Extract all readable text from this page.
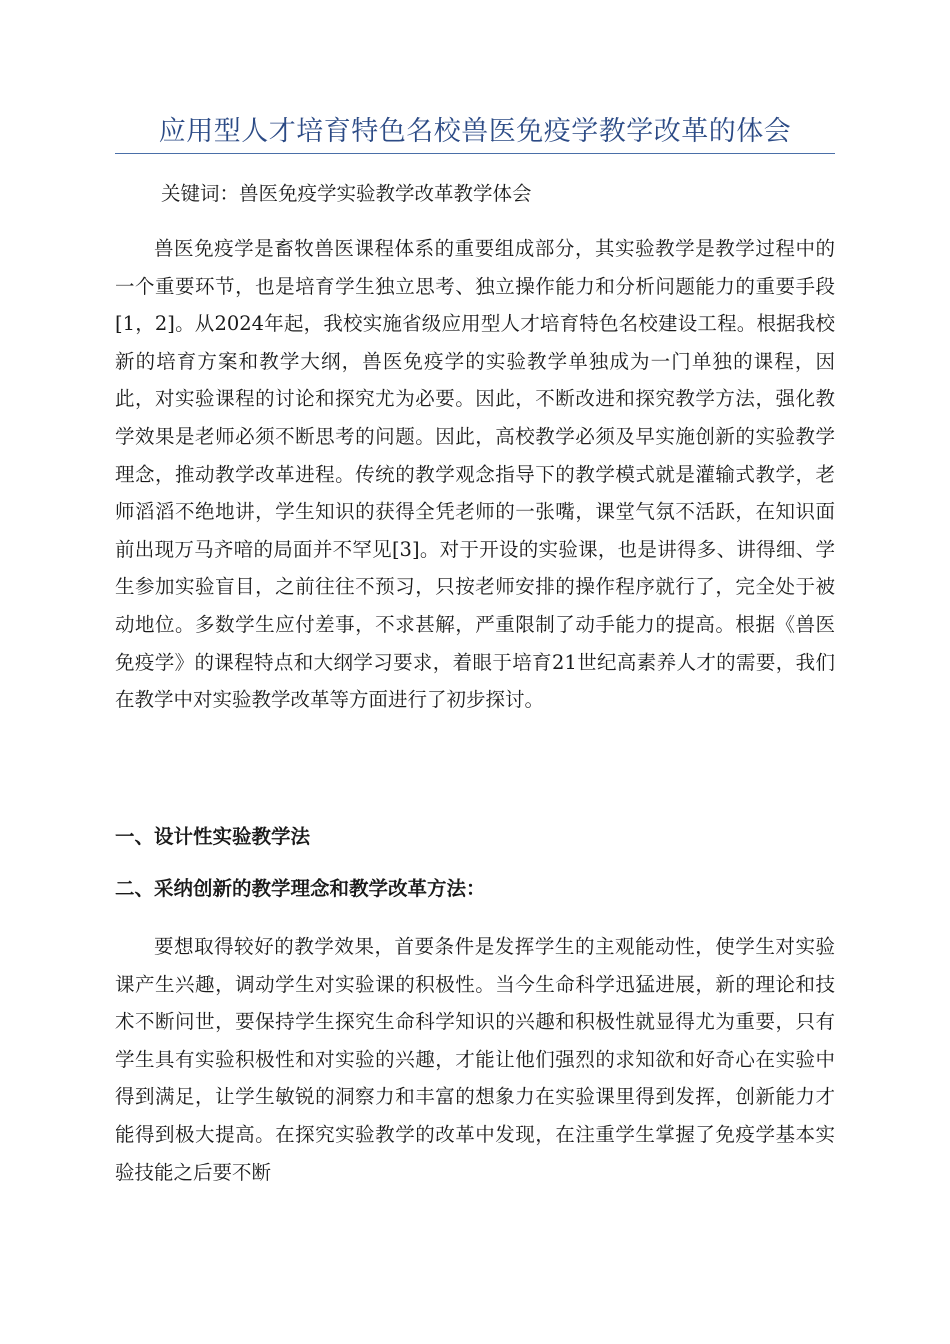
应用型人才培育特色名校兽医免疫学教学改革的体会
关键词：兽医免疫学实验教学改革教学体会

兽医免疫学是畜牧兽医课程体系的重要组成部分，其实验教学是教学过程中的一个重要环节，也是培育学生独立思考、独立操作能力和分析问题能力的重要手段[1，2]。从2024年起，我校实施省级应用型人才培育特色名校建设工程。根据我校新的培育方案和教学大纲，兽医免疫学的实验教学单独成为一门单独的课程，因此，对实验课程的讨论和探究尤为必要。因此，不断改进和探究教学方法，强化教学效果是老师必须不断思考的问题。因此，高校教学必须及早实施创新的实验教学理念，推动教学改革进程。传统的教学观念指导下的教学模式就是灌输式教学，老师滔滔不绝地讲，学生知识的获得全凭老师的一张嘴，课堂气氛不活跃，在知识面前出现万马齐喑的局面并不罕见[3]。对于开设的实验课，也是讲得多、讲得细、学生参加实验盲目，之前往往不预习，只按老师安排的操作程序就行了，完全处于被动地位。多数学生应付差事，不求甚解，严重限制了动手能力的提高。根据《兽医免疫学》的课程特点和大纲学习要求，着眼于培育21世纪高素养人才的需要，我们在教学中对实验教学改革等方面进行了初步探讨。

一、设计性实验教学法
二、采纳创新的教学理念和教学改革方法：

要想取得较好的教学效果，首要条件是发挥学生的主观能动性，使学生对实验课产生兴趣，调动学生对实验课的积极性。当今生命科学迅猛进展，新的理论和技术不断问世，要保持学生探究生命科学知识的兴趣和积极性就显得尤为重要，只有学生具有实验积极性和对实验的兴趣，才能让他们强烈的求知欲和好奇心在实验中得到满足，让学生敏锐的洞察力和丰富的想象力在实验课里得到发挥，创新能力才能得到极大提高。在探究实验教学的改革中发现，在注重学生掌握了免疫学基本实验技能之后要不断
